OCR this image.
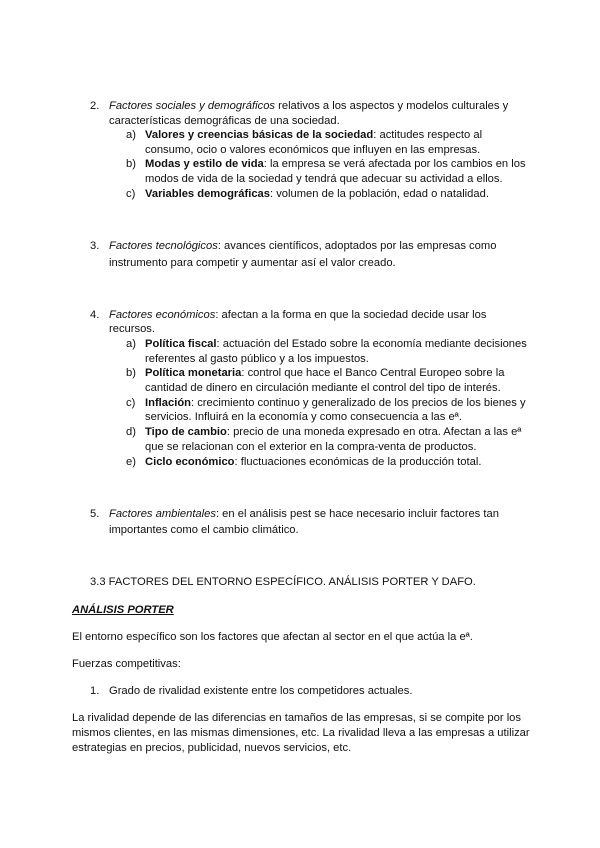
2. Factores sociales y demográficos relativos a los aspectos y modelos culturales y
características demográficas de una sociedad.
a) Valores y creencias básicas de la sociedad: actitudes respecto al
consumo, ocio o valores económicos que influyen en las empresas.
b) Modas y estilo de vida: la empresa se verá afectada por los cambios en los
modos de vida de la sociedad y tendrá que adecuar su actividad a ellos.
c) Variables demográficas: volumen de la población, edad o natalidad.
3. Factores tecnológicos: avances científicos, adoptados por las empresas como
instrumento para competir y aumentar así el valor creado.
4. Factores económicos: afectan a la forma en que la sociedad decide usar los
recursos.
a) Política fiscal: actuación del Estado sobre la economía mediante decisiones
referentes al gasto público y a los impuestos.
b) Política monetaria: control que hace el Banco Central Europeo sobre la
cantidad de dinero en circulación mediante el control del tipo de interés.
c) Inflación: crecimiento continuo y generalizado de los precios de los bienes y
servicios. Influirá en la economía y como consecuencia a las eª.
d) Tipo de cambio: precio de una moneda expresado en otra. Afectan a las eª
que se relacionan con el exterior en la compra-venta de productos.
e) Ciclo económico: fluctuaciones económicas de la producción total.
5. Factores ambientales: en el análisis pest se hace necesario incluir factores tan
importantes como el cambio climático.
3.3 FACTORES DEL ENTORNO ESPECÍFICO. ANÁLISIS PORTER Y DAFO.
ANÁLISIS PORTER
El entorno específico son los factores que afectan al sector en el que actúa la eª.
Fuerzas competitivas:
1. Grado de rivalidad existente entre los competidores actuales.
La rivalidad depende de las diferencias en tamaños de las empresas, si se compite por los
mismos clientes, en las mismas dimensiones, etc. La rivalidad lleva a las empresas a utilizar
estrategias en precios, publicidad, nuevos servicios, etc.
